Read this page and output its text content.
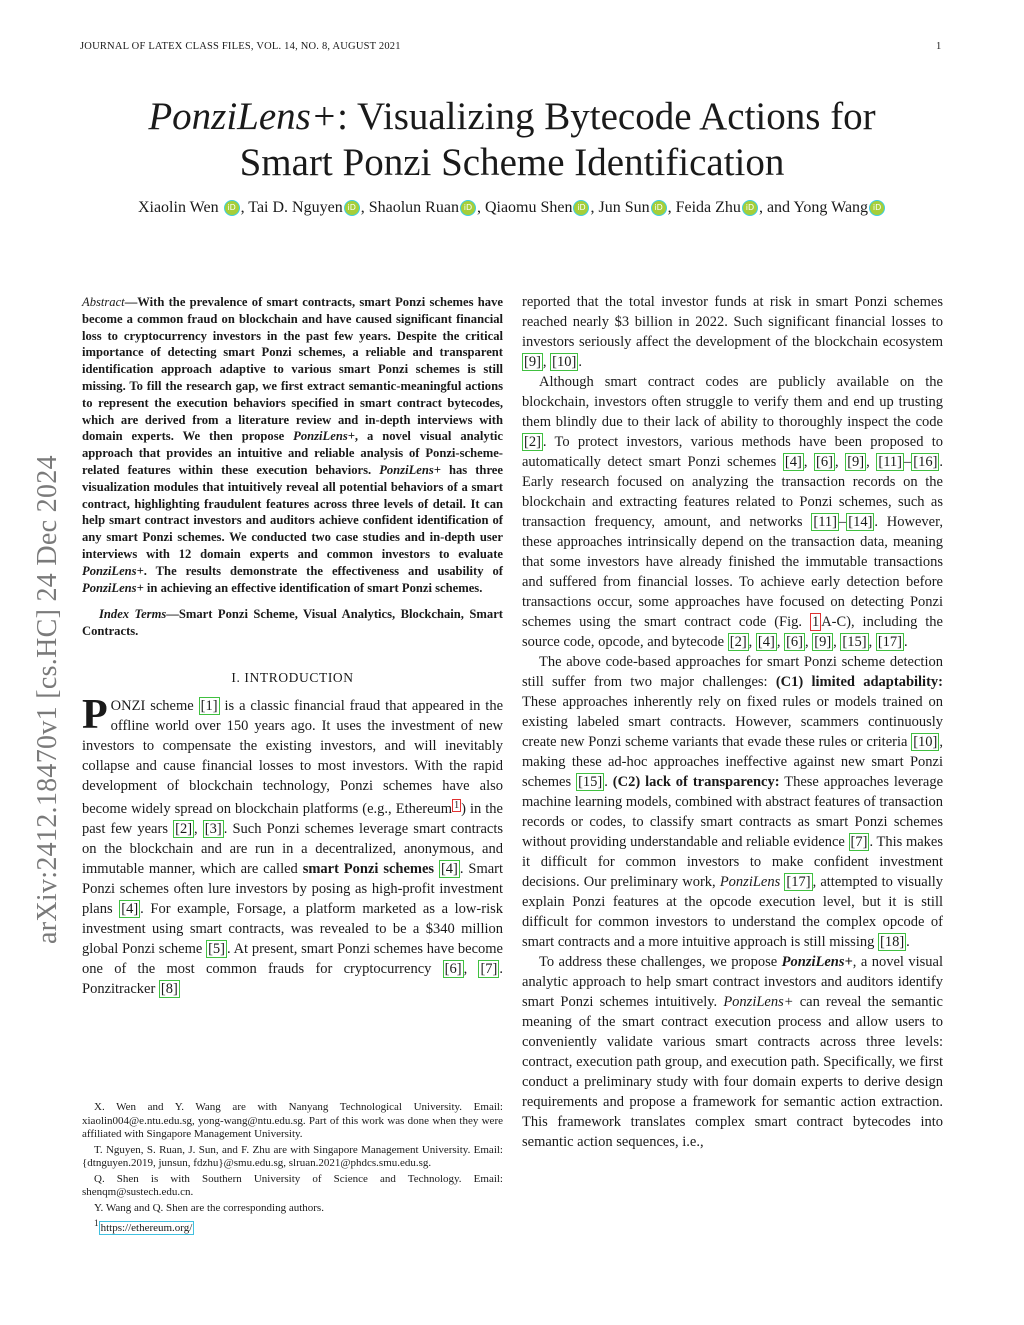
JOURNAL OF LATEX CLASS FILES, VOL. 14, NO. 8, AUGUST 2021	1
arXiv:2412.18470v1 [cs.HC] 24 Dec 2024
PonziLens+: Visualizing Bytecode Actions for
Smart Ponzi Scheme Identification
Xiaolin Wen iD , Tai D. Nguyen iD , Shaolun Ruan iD , Qiaomu Shen iD , Jun Sun iD , Feida Zhu iD , and Yong Wang iD
Abstract—With the prevalence of smart contracts, smart Ponzi schemes have become a common fraud on blockchain and have caused significant financial loss to cryptocurrency investors in the past few years. Despite the critical importance of detecting smart Ponzi schemes, a reliable and transparent identification approach adaptive to various smart Ponzi schemes is still missing. To fill the research gap, we first extract semantic-meaningful actions to represent the execution behaviors specified in smart contract bytecodes, which are derived from a literature review and in-depth interviews with domain experts. We then propose PonziLens+, a novel visual analytic approach that provides an intuitive and reliable analysis of Ponzi-scheme-related features within these execution behaviors. PonziLens+ has three visualization modules that intuitively reveal all potential behaviors of a smart contract, highlighting fraudulent features across three levels of detail. It can help smart contract investors and auditors achieve confident identification of any smart Ponzi schemes. We conducted two case studies and in-depth user interviews with 12 domain experts and common investors to evaluate PonziLens+. The results demonstrate the effectiveness and usability of PonziLens+ in achieving an effective identification of smart Ponzi schemes.
Index Terms—Smart Ponzi Scheme, Visual Analytics, Blockchain, Smart Contracts.
I. INTRODUCTION

PONZI scheme [1] is a classic financial fraud that appeared in the offline world over 150 years ago. It uses the investment of new investors to compensate the existing investors, and will inevitably collapse and cause financial losses to most investors. With the rapid development of blockchain technology, Ponzi schemes have also become widely spread on blockchain platforms (e.g., Ethereum $^1$ ) in the past few years [2] , [3] . Such Ponzi schemes leverage smart contracts on the blockchain and are run in a decentralized, anonymous, and immutable manner, which are called smart Ponzi schemes [4] . Smart Ponzi schemes often lure investors by posing as high-profit investment plans [4] . For example, Forsage, a platform marketed as a low-risk investment using smart contracts, was revealed to be a $340 million global Ponzi scheme [5] . At present, smart Ponzi schemes have become one of the most common frauds for cryptocurrency [6] , [7] . Ponzitracker [8]

X. Wen and Y. Wang are with Nanyang Technological University. Email: xiaolin004@e.ntu.edu.sg, yong-wang@ntu.edu.sg. Part of this work was done when they were affiliated with Singapore Management University.

T. Nguyen, S. Ruan, J. Sun, and F. Zhu are with Singapore Management University. Email: {dtnguyen.2019, junsun, fdzhu}@smu.edu.sg, slruan.2021@phdcs.smu.edu.sg.

Q. Shen is with Southern University of Science and Technology. Email: shenqm@sustech.edu.cn.

Y. Wang and Q. Shen are the corresponding authors.

$^1$ https://ethereum.org/

reported that the total investor funds at risk in smart Ponzi schemes reached nearly $3 billion in 2022. Such significant financial losses to investors seriously affect the development of the blockchain ecosystem [9] , [10] .

Although smart contract codes are publicly available on the blockchain, investors often struggle to verify them and end up trusting them blindly due to their lack of ability to thoroughly inspect the code [2] . To protect investors, various methods have been proposed to automatically detect smart Ponzi schemes [4] , [6] , [9] , [11] – [16] . Early research focused on analyzing the transaction records on the blockchain and extracting features related to Ponzi schemes, such as transaction frequency, amount, and networks [11] – [14] . However, these approaches intrinsically depend on the transaction data, meaning that some investors have already finished the immutable transactions and suffered from financial losses. To achieve early detection before transactions occur, some approaches have focused on detecting Ponzi schemes using the smart contract code (Fig. 1 A-C), including the source code, opcode, and bytecode [2] , [4] , [6] , [9] , [15] , [17] .

The above code-based approaches for smart Ponzi scheme detection still suffer from two major challenges: (C1) limited adaptability: These approaches inherently rely on fixed rules or models trained on existing labeled smart contracts. However, scammers continuously create new Ponzi scheme variants that evade these rules or criteria [10] , making these ad-hoc approaches ineffective against new smart Ponzi schemes [15] . (C2) lack of transparency: These approaches leverage machine learning models, combined with abstract features of transaction records or codes, to classify smart contracts as smart Ponzi schemes without providing understandable and reliable evidence [7] . This makes it difficult for common investors to make confident investment decisions. Our preliminary work, PonziLens [17] , attempted to visually explain Ponzi features at the opcode execution level, but it is still difficult for common investors to understand the complex opcode of smart contracts and a more intuitive approach is still missing [18] .

To address these challenges, we propose PonziLens+, a novel visual analytic approach to help smart contract investors and auditors identify smart Ponzi schemes intuitively. PonziLens+ can reveal the semantic meaning of the smart contract execution process and allow users to conveniently validate various smart contracts across three levels: contract, execution path group, and execution path. Specifically, we first conduct a preliminary study with four domain experts to derive design requirements and propose a framework for semantic action extraction. This framework translates complex smart contract bytecodes into semantic action sequences, i.e.,
